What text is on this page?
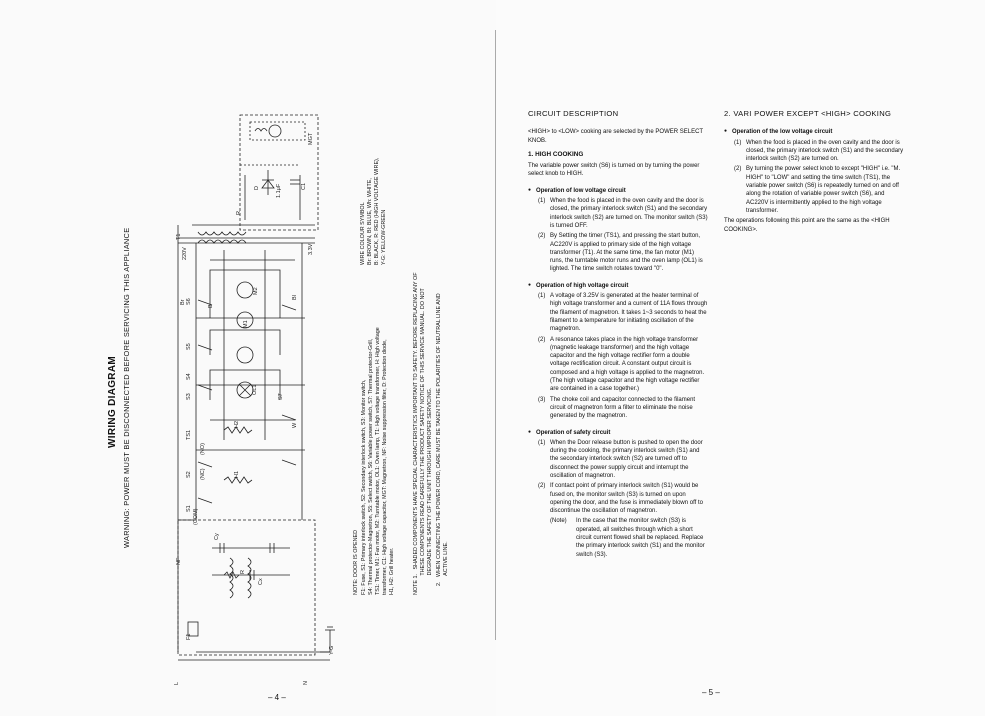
WIRING DIAGRAM WARNING: POWER MUST BE DISCONNECTED BEFORE SERVICING THIS APPLIANCE
NF
F1
L	N
Y-G
Cy
Cx
R
S1
S2
S3
S4
S5
S6
S7
TS1
H1
H2
OL1
M1
M2
T1
C1
D
MGT
220V	3.3V
1.1μF
(COM)
(NO)
(NC)
Br
Bl
B
W
R
NOTE: DOOR IS OPENED F1: Fuse, S1: Primary interlock switch, S2: Secondary interlock switch, S3: Monitor switch, S4: Thermal protector-Magnetron, S5: Select switch, S6: Variable power switch, S7: Thermal protector-Grill, TS1: Timer, M1: Fan motor, M2: Turntable motor, OL1: Oven lamp, T1: High voltage transformer, H: High voltage transformer, C1: High voltage capacitor, MGT: Magnetron, NF: Noise suppression filter, D: Protection diode, H1, H2: Grill heater.
WIRE COLOUR SYMBOL Br: BROWN, Bl: BLUE, Wh: WHITE, B: BLACK, R: RED (HIGH VOLTAGE WIRE), Y-G: YELLOW-GREEN
NOTE 1.   SHADED COMPONENTS HAVE SPECIAL CHARACTERISTICS IMPORTANT TO SAFETY. BEFORE REPLACING ANY OF THESE COMPONENTS READ CAREFULLY THE PRODUCT SAFETY NOTICE OF THIS SERVICE MANUAL. DO NOT DEGRADE THE SAFETY OF THE UNIT THROUGH IMPROPER SERVICING. 2.   WHEN CONNECTING THE POWER CORD, CARE MUST BE TAKEN TO THE POLARITIES OF NEUTRAL LINE AND ACTIVE LINE.
– 4 –
CIRCUIT DESCRIPTION

<HIGH> to <LOW> cooking are selected by the POWER SELECT KNOB.

1. HIGH COOKING

The variable power switch (S6) is turned on by turning the power select knob to HIGH.

● Operation of low voltage circuit
(1) When the food is placed in the oven cavity and the door is closed, the primary interlock switch (S1) and the secondary interlock switch (S2) are turned on. The monitor switch (S3) is turned OFF.
(2) By Setting the timer (TS1), and pressing the start button, AC220V is applied to primary side of the high voltage transformer (T1). At the same time, the fan motor (M1) runs, the turntable motor runs and the oven lamp (OL1) is lighted. The time switch rotates toward "0".
● Operation of high voltage circuit
(1) A voltage of 3.25V is generated at the heater terminal of high voltage transformer and a current of 11A flows through the filament of magnetron. It takes 1~3 seconds to heat the filament to a temperature for initiating oscillation of the magnetron.
(2) A resonance takes place in the high voltage transformer (magnetic leakage transformer) and the high voltage capacitor and the high voltage rectifier form a double voltage rectification circuit. A constant output circuit is composed and a high voltage is applied to the magnetron. (The high voltage capacitor and the high voltage rectifier are contained in a case together.)
(3) The choke coil and capacitor connected to the filament circuit of magnetron form a filter to eliminate the noise generated by the magnetron.
● Operation of safety circuit
(1) When the Door release button is pushed to open the door during the cooking, the primary interlock switch (S1) and the secondary interlock switch (S2) are turned off to disconnect the power supply circuit and interrupt the oscillation of magnetron.
(2) If contact point of primary interlock switch (S1) would be fused on, the monitor switch (S3) is turned on upon opening the door, and the fuse is immediately blown off to discontinue the oscillation of magnetron.
(Note)	In the case that the monitor switch (S3) is operated, all switches through which a short circuit current flowed shall be replaced. Replace the primary interlock switch (S1) and the monitor switch (S3).
2. VARI POWER EXCEPT <HIGH> COOKING
● Operation of the low voltage circuit
(1) When the food is placed in the oven cavity and the door is closed, the primary interlock switch (S1) and the secondary interlock switch (S2) are turned on.
(2) By turning the power select knob to except "HIGH" i.e. "M. HIGH" to "LOW" and setting the time switch (TS1), the variable power switch (S6) is repeatedly turned on and off along the rotation of variable power switch (S6), and AC220V is intermittently applied to the high voltage transformer.

The operations following this point are the same as the <HIGH COOKING>.

– 5 –
